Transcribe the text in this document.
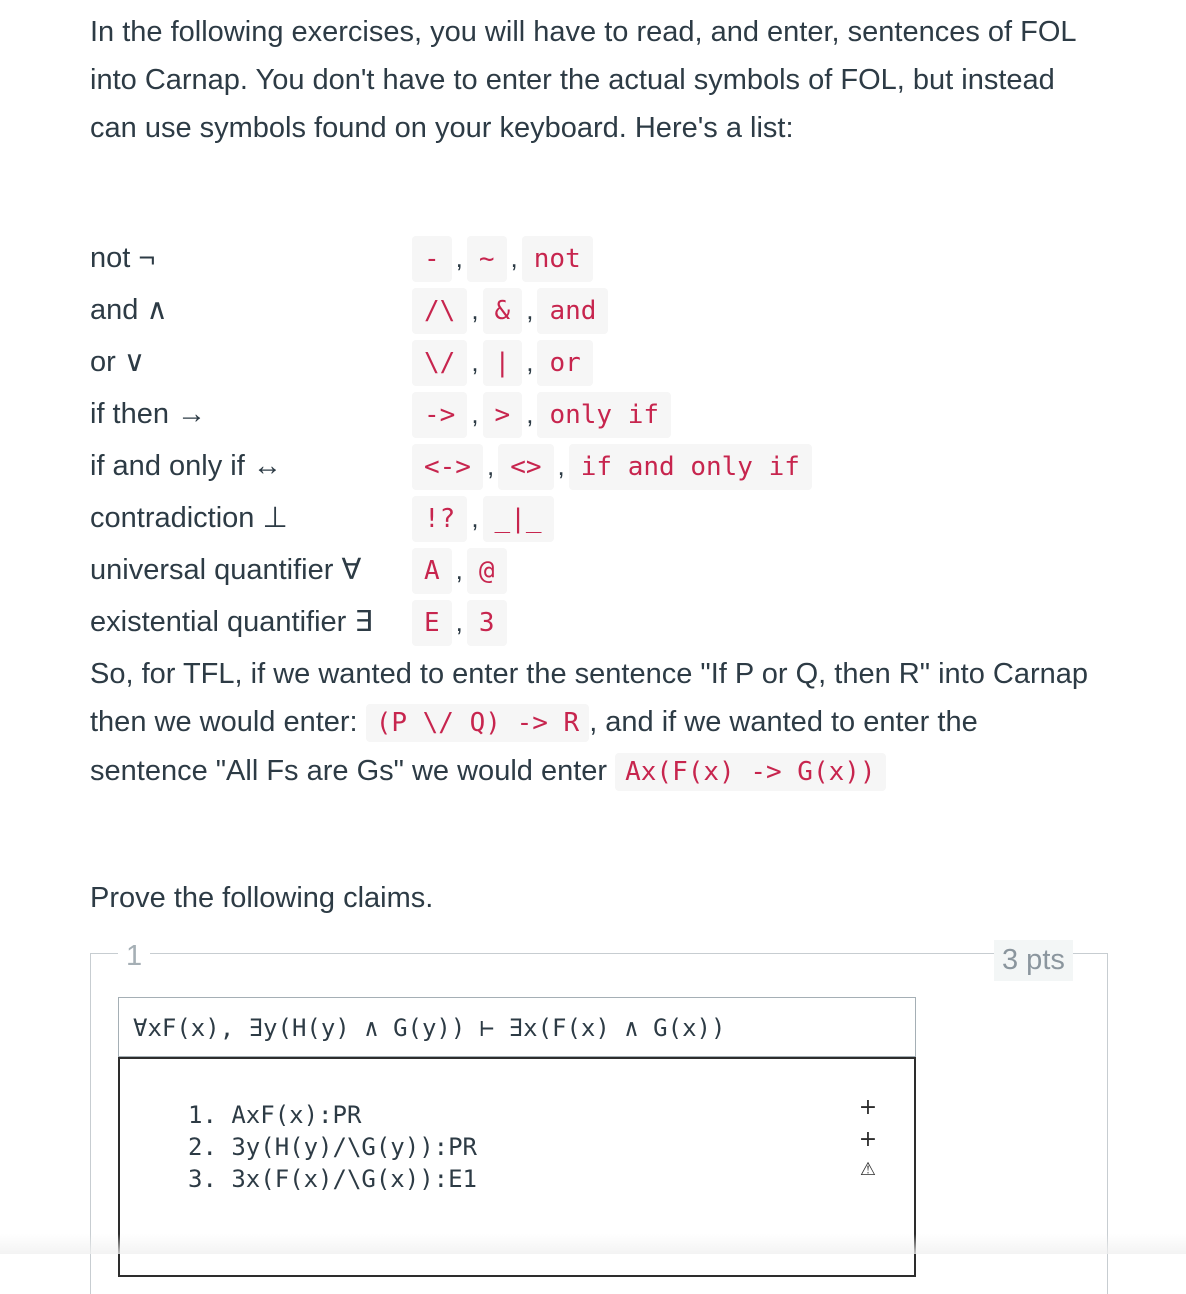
In the following exercises, you will have to read, and enter, sentences of FOL into Carnap. You don't have to enter the actual symbols of FOL, but instead can use symbols found on your keyboard. Here's a list:
not ¬	- , ~ , not
and ∧	/\ , & , and
or ∨	\/ , | , or
if then →	-> , > , only if
if and only if ↔	<-> , <> , if and only if
contradiction ⊥	!? , _|_
universal quantifier ∀	A , @
existential quantifier ∃	E , 3
So, for TFL, if we wanted to enter the sentence "If P or Q, then R" into Carnap then we would enter: (P \/ Q) -> R , and if we wanted to enter the sentence "All Fs are Gs" we would enter Ax(F(x) -> G(x))
Prove the following claims.
1	3 pts
∀xF(x), ∃y(H(y) ∧ G(y)) ⊢ ∃x(F(x) ∧ G(x))
1. AxF(x):PR
2. 3y(H(y)/\G(y)):PR
3. 3x(F(x)/\G(x)):E1
+
+
⚠
